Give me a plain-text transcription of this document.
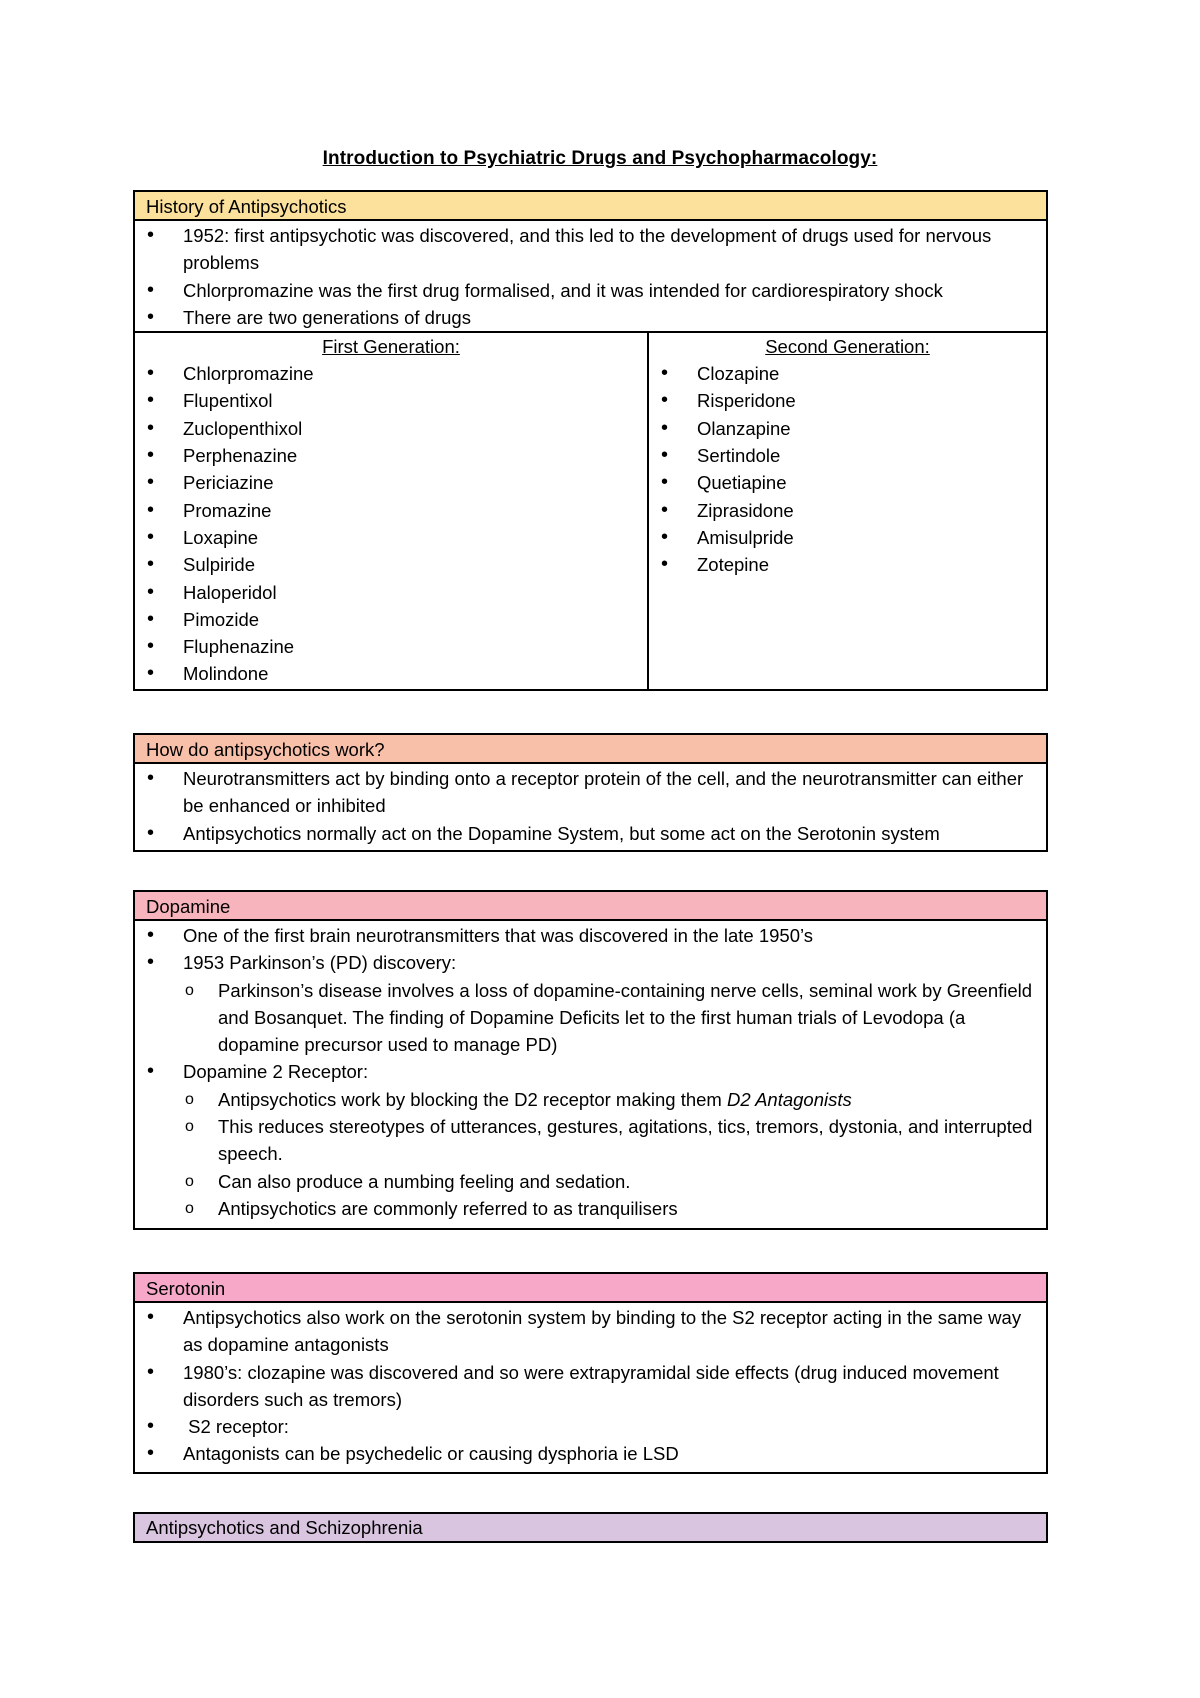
Introduction to Psychiatric Drugs and Psychopharmacology:
History of Antipsychotics
• 1952: first antipsychotic was discovered, and this led to the development of drugs used for nervous problems
• Chlorpromazine was the first drug formalised, and it was intended for cardiorespiratory shock
• There are two generations of drugs
First Generation:
• Chlorpromazine
• Flupentixol
• Zuclopenthixol
• Perphenazine
• Periciazine
• Promazine
• Loxapine
• Sulpiride
• Haloperidol
• Pimozide
• Fluphenazine
• Molindone
Second Generation:
• Clozapine
• Risperidone
• Olanzapine
• Sertindole
• Quetiapine
• Ziprasidone
• Amisulpride
• Zotepine
How do antipsychotics work?
• Neurotransmitters act by binding onto a receptor protein of the cell, and the neurotransmitter can either be enhanced or inhibited
• Antipsychotics normally act on the Dopamine System, but some act on the Serotonin system
Dopamine
• One of the first brain neurotransmitters that was discovered in the late 1950’s
• 1953 Parkinson’s (PD) discovery:
o Parkinson’s disease involves a loss of dopamine-containing nerve cells, seminal work by Greenfield and Bosanquet. The finding of Dopamine Deficits let to the first human trials of Levodopa (a dopamine precursor used to manage PD)
• Dopamine 2 Receptor:
o Antipsychotics work by blocking the D2 receptor making them D2 Antagonists
o This reduces stereotypes of utterances, gestures, agitations, tics, tremors, dystonia, and interrupted speech.
o Can also produce a numbing feeling and sedation.
o Antipsychotics are commonly referred to as tranquilisers
Serotonin
• Antipsychotics also work on the serotonin system by binding to the S2 receptor acting in the same way as dopamine antagonists
• 1980’s: clozapine was discovered and so were extrapyramidal side effects (drug induced movement disorders such as tremors)
•  S2 receptor:
• Antagonists can be psychedelic or causing dysphoria ie LSD
Antipsychotics and Schizophrenia
